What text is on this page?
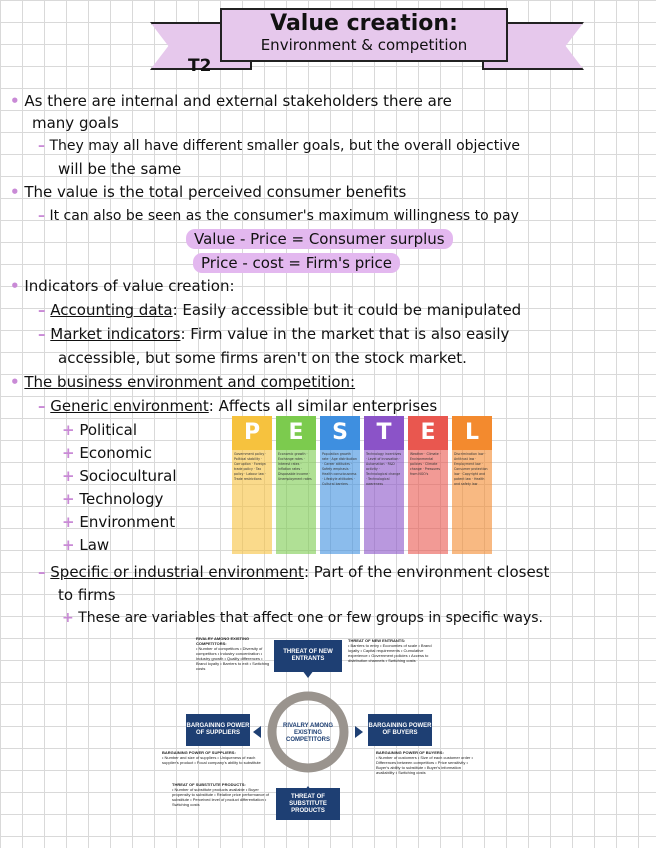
Value creation:
Environment & competition
T2
• As there are internal and external stakeholders there are
many goals
– They may all have different smaller goals, but the overall objective
will be the same
• The value is the total perceived consumer benefits
– It can also be seen as the consumer's maximum willingness to pay
Value - Price = Consumer surplus
Price - cost = Firm's price
• Indicators of value creation:
– Accounting data: Easily accessible but it could be manipulated
– Market indicators: Firm value in the market that is also easily
accessible, but some firms aren't on the stock market.
• The business environment and competition:
– Generic environment: Affects all similar enterprises
+ Political
+ Economic
+ Sociocultural
+ Technology
+ Environment
+ Law
P
Government policy · Political stability · Corruption · Foreign trade policy · Tax policy · Labour law · Trade restrictions
E
Economic growth · Exchange rates · Interest rates · Inflation rates · Disposable income · Unemployment rates
S
Population growth rate · Age distribution · Career attitudes · Safety emphasis · Health consciousness · Lifestyle attitudes · Cultural barriers
T
Technology incentives · Level of innovation · Automation · R&D activity · Technological change · Technological awareness
E
Weather · Climate · Environmental policies · Climate change · Pressures from NGO's
L
Discrimination law · Antitrust law · Employment law · Consumer protection law · Copyright and patent law · Health and safety law
– Specific or industrial environment: Part of the environment closest
to firms
+ These are variables that affect one or few groups in specific ways.
THREAT OF NEW ENTRANTS
BARGAINING POWER OF SUPPLIERS
RIVALRY AMONG EXISTING COMPETITORS
BARGAINING POWER OF BUYERS
THREAT OF SUBSTITUTE PRODUCTS
RIVALRY AMONG EXISTING COMPETITORS:
• Number of competitors • Diversity of competitors • Industry concentration • Industry growth • Quality differences • Brand loyalty • Barriers to exit • Switching costs
THREAT OF NEW ENTRANTS:
• Barriers to entry • Economies of scale • Brand loyalty • Capital requirements • Cumulative experience • Government policies • Access to distribution channels • Switching costs
BARGAINING POWER OF SUPPLIERS:
• Number and size of suppliers • Uniqueness of each supplier's product • Focal company's ability to substitute
BARGAINING POWER OF BUYERS:
• Number of customers • Size of each customer order • Differences between competitors • Price sensitivity • Buyer's ability to substitute • Buyer's information availability • Switching costs
THREAT OF SUBSTITUTE PRODUCTS:
• Number of substitute products available • Buyer propensity to substitute • Relative price performance of substitute • Perceived level of product differentiation • Switching costs
